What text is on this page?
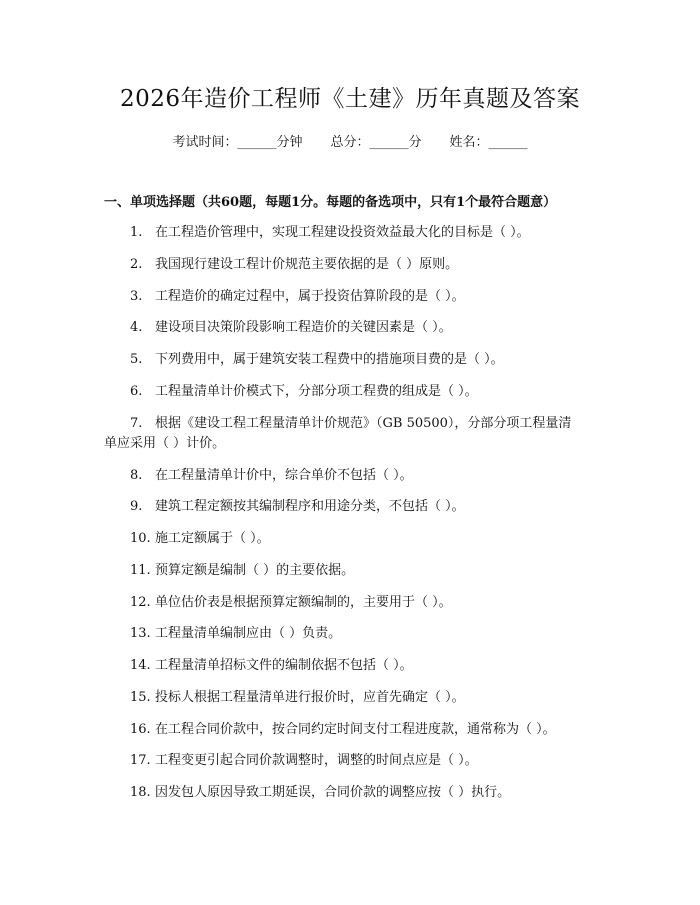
2026年造价工程师《土建》历年真题及答案
考试时间：______分钟 总分：______分 姓名：______
一、单项选择题（共60题，每题1分。每题的备选项中，只有1个最符合题意）
1. 在工程造价管理中，实现工程建设投资效益最大化的目标是（ ）。
2. 我国现行建设工程计价规范主要依据的是（ ）原则。
3. 工程造价的确定过程中，属于投资估算阶段的是（ ）。
4. 建设项目决策阶段影响工程造价的关键因素是（ ）。
5. 下列费用中，属于建筑安装工程费中的措施项目费的是（ ）。
6. 工程量清单计价模式下，分部分项工程费的组成是（ ）。
7. 根据《建设工程工程量清单计价规范》（GB 50500），分部分项工程量清
单应采用（ ）计价。
8. 在工程量清单计价中，综合单价不包括（ ）。
9. 建筑工程定额按其编制程序和用途分类，不包括（ ）。
10. 施工定额属于（ ）。
11. 预算定额是编制（ ）的主要依据。
12. 单位估价表是根据预算定额编制的，主要用于（ ）。
13. 工程量清单编制应由（ ）负责。
14. 工程量清单招标文件的编制依据不包括（ ）。
15. 投标人根据工程量清单进行报价时，应首先确定（ ）。
16. 在工程合同价款中，按合同约定时间支付工程进度款，通常称为（ ）。
17. 工程变更引起合同价款调整时，调整的时间点应是（ ）。
18. 因发包人原因导致工期延误，合同价款的调整应按（ ）执行。
